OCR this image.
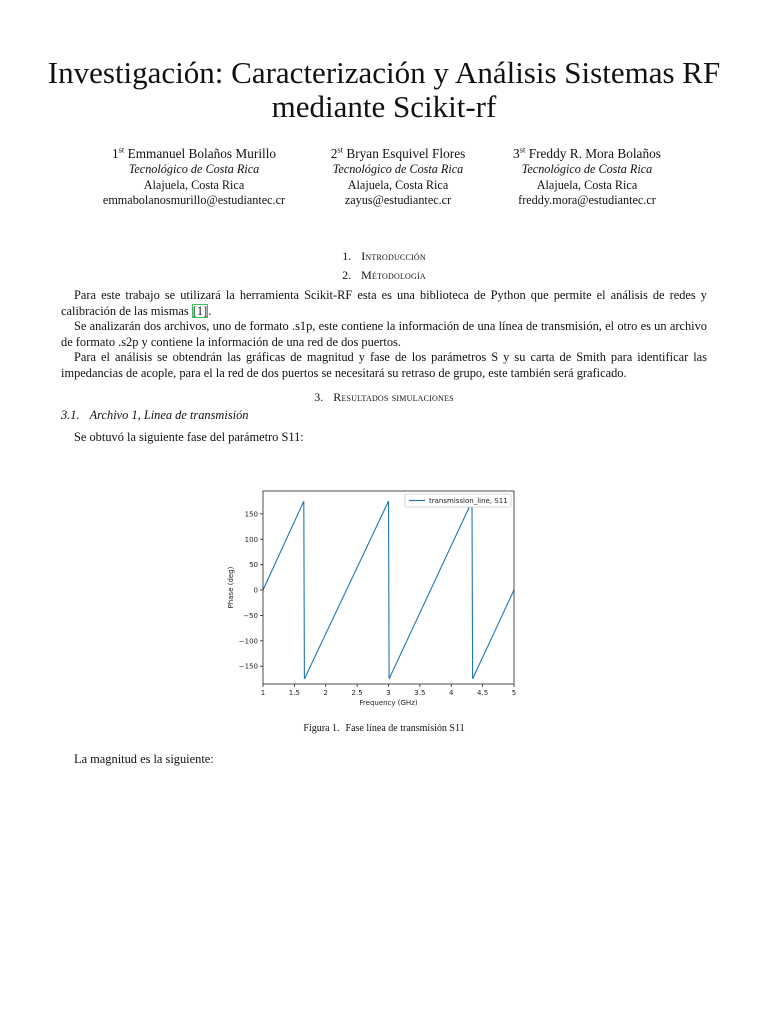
Investigación: Caracterización y Análisis Sistemas RF mediante Scikit-rf
1st Emmanuel Bolaños Murillo
Tecnológico de Costa Rica
Alajuela, Costa Rica
emmabolanosmurillo@estudiantec.cr
2st Bryan Esquivel Flores
Tecnológico de Costa Rica
Alajuela, Costa Rica
zayus@estudiantec.cr
3st Freddy R. Mora Bolaños
Tecnológico de Costa Rica
Alajuela, Costa Rica
freddy.mora@estudiantec.cr
1. Introducción
2. Métodología

Para este trabajo se utilizará la herramienta Scikit-RF esta es una biblioteca de Python que permite el análisis de redes y calibración de las mismas [1].

Se analizarán dos archivos, uno de formato .s1p, este contiene la información de una línea de transmisión, el otro es un archivo de formato .s2p y contiene la información de una red de dos puertos.

Para el análisis se obtendrán las gráficas de magnitud y fase de los parámetros S y su carta de Smith para identificar las impedancias de acople, para el la red de dos puertos se necesitará su retraso de grupo, este también será graficado.

3. Resultados simulaciones
3.1. Archivo 1, Linea de transmisión

Se obtuvó la siguiente fase del parámetro S11:

1	1.5	2	2.5	3	3.5	4	4.5	5
−150
−100
−50
0
50
100
150
Frequency (GHz)
Phase (deg)
transmission_line, S11
Figura 1. Fase línea de transmisión S11

La magnitud es la siguiente:
